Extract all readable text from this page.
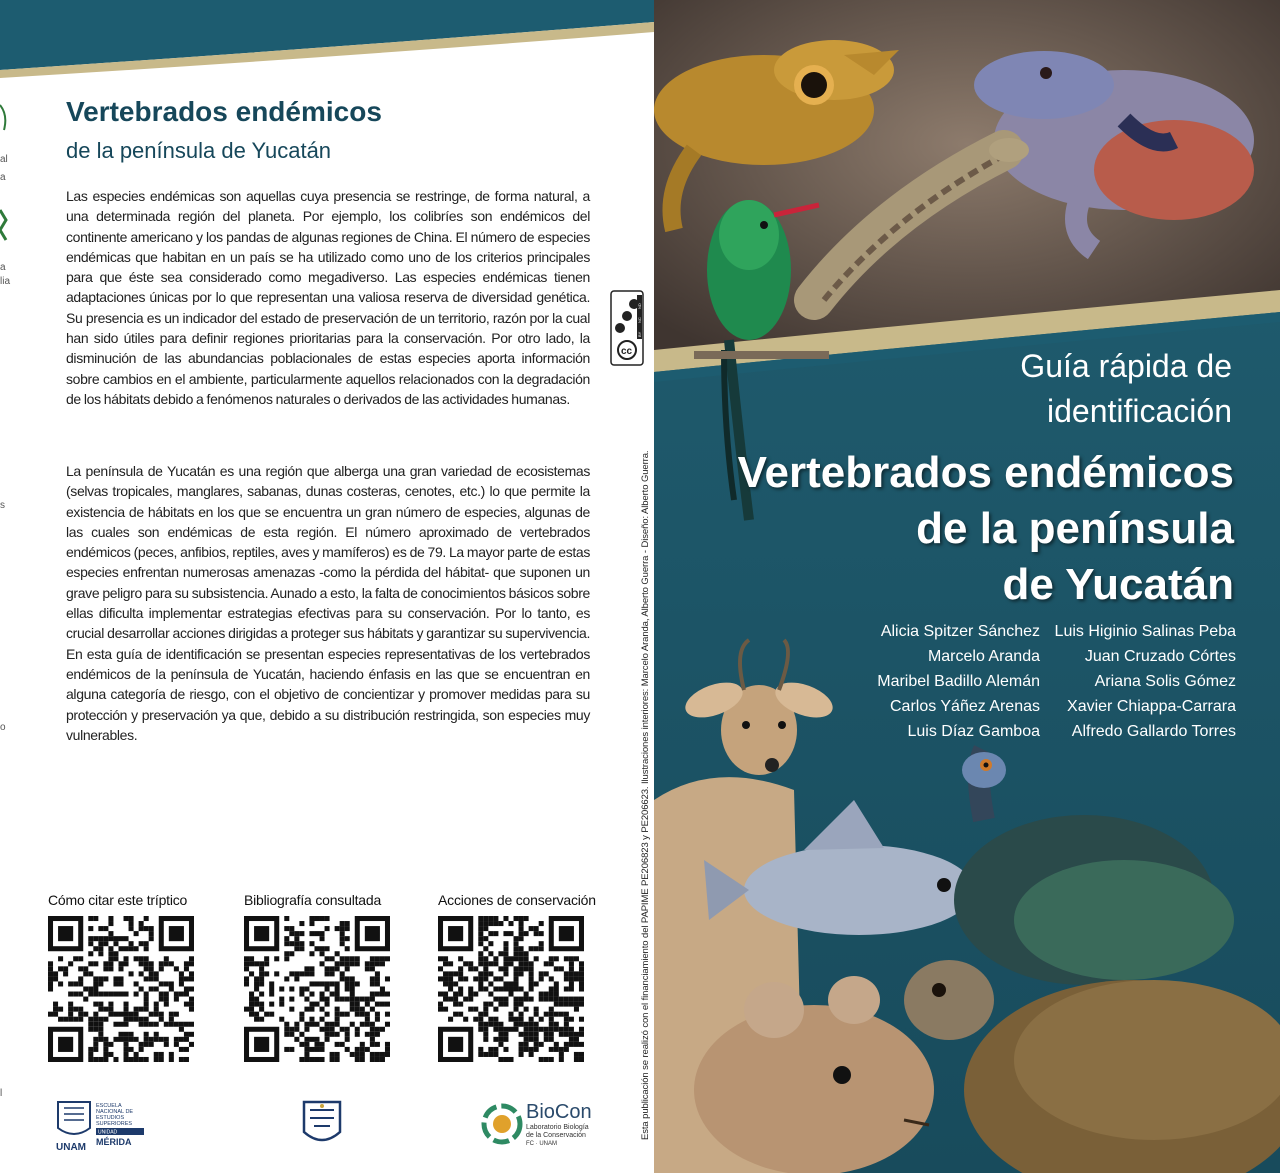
al
a
a
lia
s
o
l
Vertebrados endémicos
de la península de Yucatán

Las especies endémicas son aquellas cuya presencia se restringe, de forma natural, a una determinada región del planeta. Por ejemplo, los colibríes son endémicos del continente americano y los pandas de algunas regiones de China. El número de especies endémicas que habitan en un país se ha utilizado como uno de los criterios principales para que éste sea considerado como megadiverso. Las especies endémicas tienen adaptaciones únicas por lo que representan una valiosa reserva de diversidad genética. Su presencia es un indicador del estado de preservación de un territorio, razón por la cual han sido útiles para definir regiones prioritarias para la conservación. Por otro lado, la disminución de las abundancias poblacionales de estas especies aporta información sobre cambios en el ambiente, particularmente aquellos relacionados con la degradación de los hábitats debido a fenómenos naturales o derivados de las actividades humanas.

La península de Yucatán es una región que alberga una gran variedad de ecosistemas (selvas tropicales, manglares, sabanas, dunas costeras, cenotes, etc.) lo que permite la existencia de hábitats en los que se encuentra un gran número de especies, algunas de las cuales son endémicas de esta región. El número aproximado de vertebrados endémicos (peces, anfibios, reptiles, aves y mamíferos) es de 79. La mayor parte de estas especies enfrentan numerosas amenazas -como la pérdida del hábitat- que suponen un grave peligro para su subsistencia. Aunado a esto, la falta de conocimientos básicos sobre ellas dificulta implementar estrategias efectivas para su conservación. Por lo tanto, es crucial desarrollar acciones dirigidas a proteger sus hábitats y garantizar su supervivencia. En esta guía de identificación se presentan especies representativas de los vertebrados endémicos de la península de Yucatán, haciendo énfasis en las que se encuentran en alguna categoría de riesgo, con el objetivo de concientizar y promover medidas para su protección y preservación ya que, debido a su distribución restringida, son especies muy vulnerables.

Cómo citar este tríptico	Bibliografía consultada	Acciones de conservación
ESCUELA
NACIONAL DE
ESTUDIOS
SUPERIORES
UNIDAD
MÉRIDA
UNAM
BioCon
Laboratorio Biología
de la Conservación
FC · UNAM
cc
BY
NC
ND
Esta publicación se realizó con el financiamiento del PAPIME PE206823 y PE206623. Ilustraciones interiores: Marcelo Aranda, Alberto Guerra - Diseño: Alberto Guerra.
Guía rápida de
identificación
Vertebrados endémicos
de la península
de Yucatán
Alicia Spitzer Sánchez
Marcelo Aranda
Maribel Badillo Alemán
Carlos Yáñez Arenas
Luis Díaz Gamboa
Luis Higinio Salinas Peba
Juan Cruzado Córtes
Ariana Solis Gómez
Xavier Chiappa-Carrara
Alfredo Gallardo Torres
